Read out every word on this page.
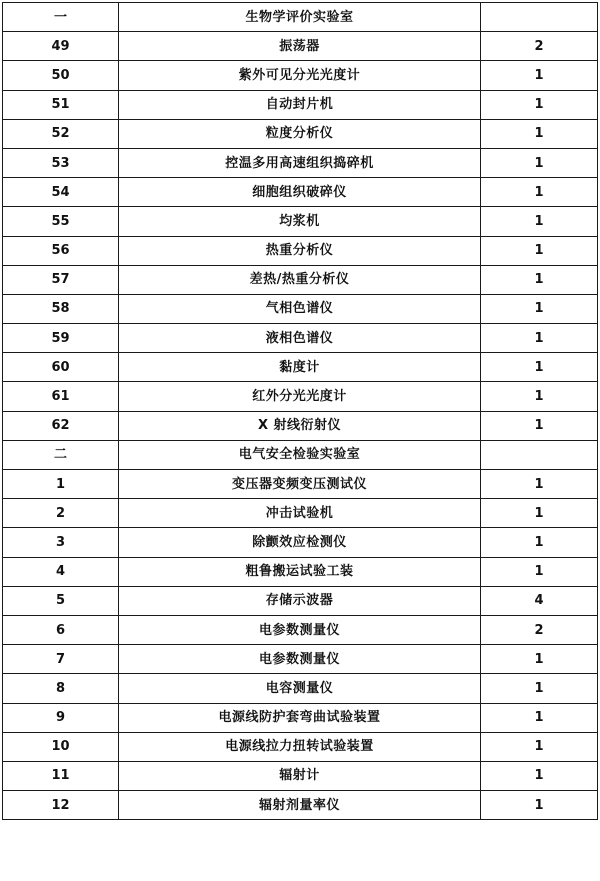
一	生物学评价实验室	
49	振荡器	2
50	紫外可见分光光度计	1
51	自动封片机	1
52	粒度分析仪	1
53	控温多用高速组织捣碎机	1
54	细胞组织破碎仪	1
55	均浆机	1
56	热重分析仪	1
57	差热/热重分析仪	1
58	气相色谱仪	1
59	液相色谱仪	1
60	黏度计	1
61	红外分光光度计	1
62	X 射线衍射仪	1
二	电气安全检验实验室	
1	变压器变频变压测试仪	1
2	冲击试验机	1
3	除颤效应检测仪	1
4	粗鲁搬运试验工装	1
5	存储示波器	4
6	电参数测量仪	2
7	电参数测量仪	1
8	电容测量仪	1
9	电源线防护套弯曲试验装置	1
10	电源线拉力扭转试验装置	1
11	辐射计	1
12	辐射剂量率仪	1
